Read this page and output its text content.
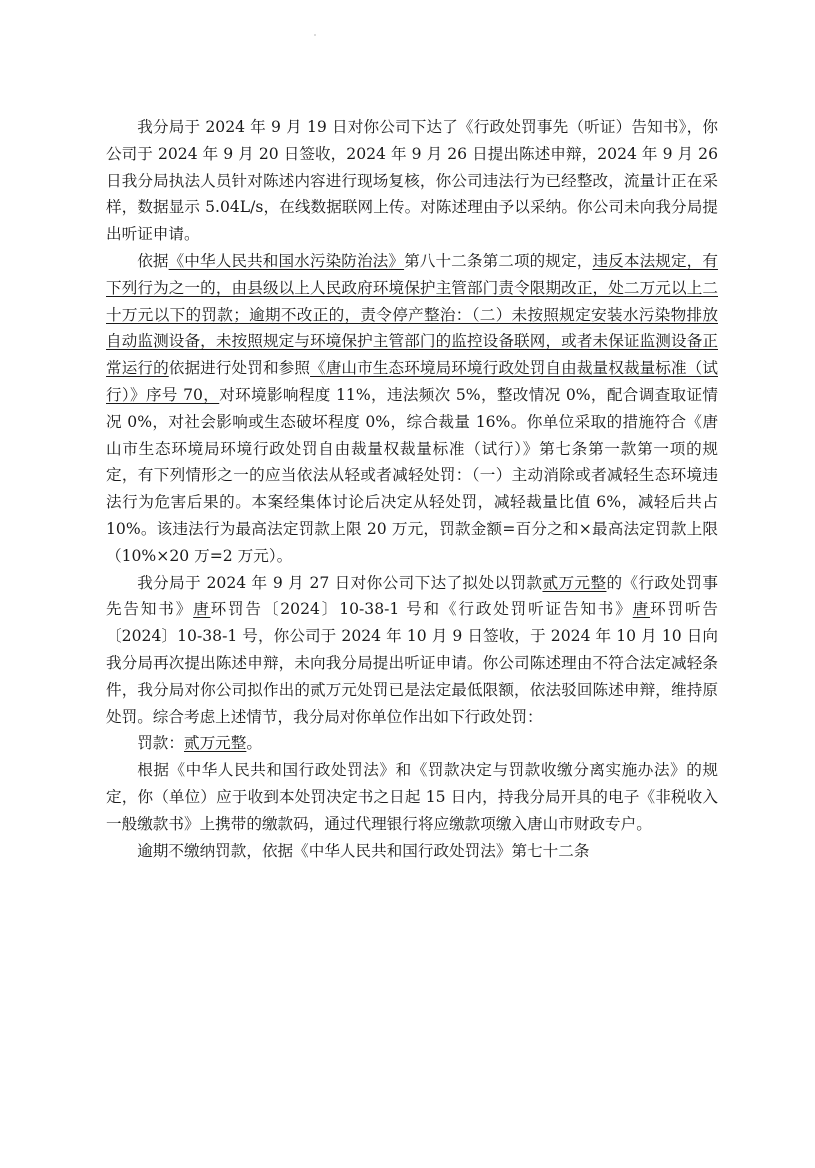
我分局于 2024 年 9 月 19 日对你公司下达了《行政处罚事先（听证）告知书》，你公司于 2024 年 9 月 20 日签收，2024 年 9 月 26 日提出陈述申辩，2024 年 9 月 26 日我分局执法人员针对陈述内容进行现场复核，你公司违法行为已经整改，流量计正在采样，数据显示 5.04L/s，在线数据联网上传。对陈述理由予以采纳。你公司未向我分局提出听证申请。

依据《中华人民共和国水污染防治法》第八十二条第二项的规定，违反本法规定，有下列行为之一的，由县级以上人民政府环境保护主管部门责令限期改正，处二万元以上二十万元以下的罚款；逾期不改正的，责令停产整治：（二）未按照规定安装水污染物排放自动监测设备，未按照规定与环境保护主管部门的监控设备联网，或者未保证监测设备正常运行的依据进行处罚和参照《唐山市生态环境局环境行政处罚自由裁量权裁量标准（试行）》序号 70，对环境影响程度 11%，违法频次 5%，整改情况 0%，配合调查取证情况 0%，对社会影响或生态破坏程度 0%，综合裁量 16%。你单位采取的措施符合《唐山市生态环境局环境行政处罚自由裁量权裁量标准（试行）》第七条第一款第一项的规定，有下列情形之一的应当依法从轻或者减轻处罚：（一）主动消除或者减轻生态环境违法行为危害后果的。本案经集体讨论后决定从轻处罚，减轻裁量比值 6%，减轻后共占 10%。该违法行为最高法定罚款上限 20 万元，罚款金额=百分之和×最高法定罚款上限（10%×20 万=2 万元）。

我分局于 2024 年 9 月 27 日对你公司下达了拟处以罚款贰万元整的《行政处罚事先告知书》唐环罚告〔2024〕10-38-1 号和《行政处罚听证告知书》唐环罚听告〔2024〕10-38-1 号，你公司于 2024 年 10 月 9 日签收，于 2024 年 10 月 10 日向我分局再次提出陈述申辩，未向我分局提出听证申请。你公司陈述理由不符合法定减轻条件，我分局对你公司拟作出的贰万元处罚已是法定最低限额，依法驳回陈述申辩，维持原处罚。综合考虑上述情节，我分局对你单位作出如下行政处罚：

罚款：贰万元整。

根据《中华人民共和国行政处罚法》和《罚款决定与罚款收缴分离实施办法》的规定，你（单位）应于收到本处罚决定书之日起 15 日内，持我分局开具的电子《非税收入一般缴款书》上携带的缴款码，通过代理银行将应缴款项缴入唐山市财政专户。

逾期不缴纳罚款，依据《中华人民共和国行政处罚法》第七十二条
